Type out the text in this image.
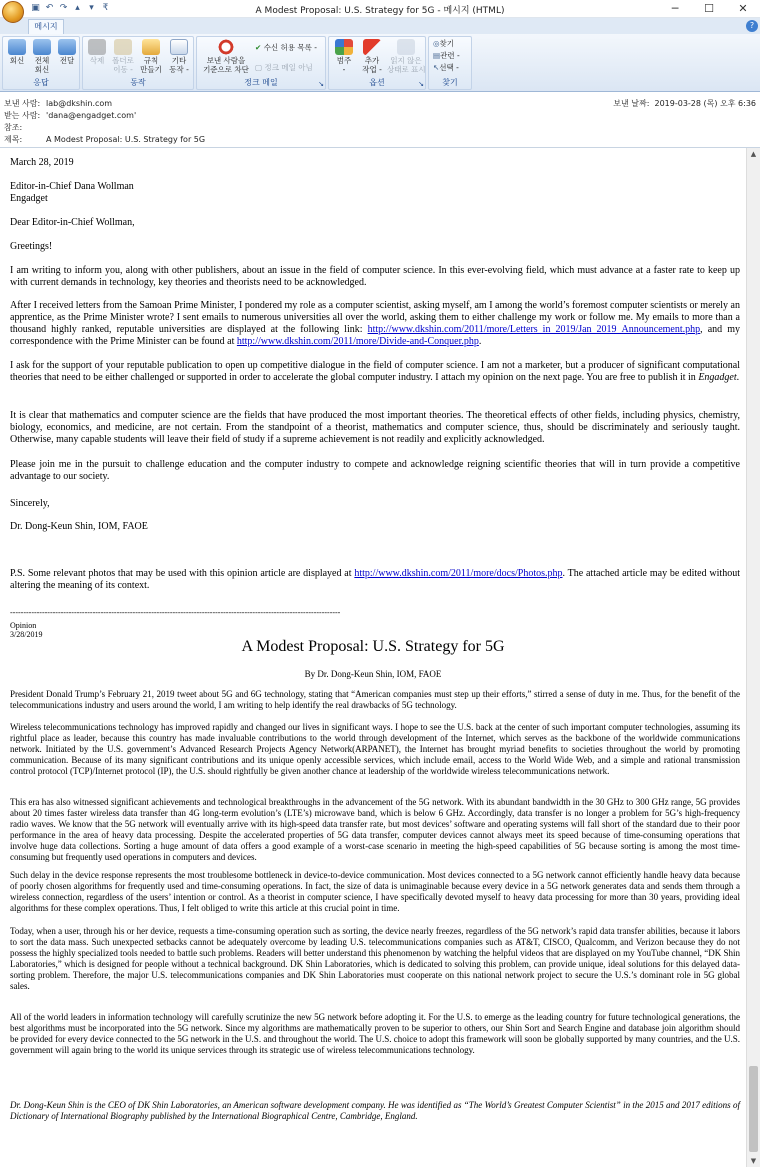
▣ ↶ ↷ ▴	▾ ₹	A Modest Proposal: U.S. Strategy for 5G - 메시지 (HTML)	─	☐	✕
메시지	?
회신	전체
회신
전달
응답
삭제	폴더로
이동 -
규칙
만들기
기타
동작 -
동작
보낸 사람을
기준으로 차단
✔ 수신 허용 목록 -
▢ 정크 메일 아님
정크 메일	↘
범주
-
추가
작업 -
읽지 않은
상태로 표시
옵션	↘
◎찾기
▤관련 -
↖선택 -
찾기
보낸 사람: lab@dkshin.com
받는 사람: 'dana@engadget.com'
참조:
제목:	A Modest Proposal: U.S. Strategy for 5G
보낸 날짜: 2019-03-28 (목) 오후 6:36
March 28, 2019
Editor-in-Chief Dana Wollman
Engadget
Dear Editor-in-Chief Wollman,
Greetings!
I am writing to inform you, along with other publishers, about an issue in the field of computer science. In this ever-evolving field, which must advance at a faster rate to keep up with current demands in technology, key theories and theorists need to be acknowledged.
After I received letters from the Samoan Prime Minister, I pondered my role as a computer scientist, asking myself, am I among the world’s foremost computer scientists or merely an apprentice, as the Prime Minister wrote? I sent emails to numerous universities all over the world, asking them to either challenge my work or follow me. My emails to more than a thousand highly ranked, reputable universities are displayed at the following link: http://www.dkshin.com/2011/more/Letters_in_2019/Jan_2019_Announcement.php, and my correspondence with the Prime Minister can be found at http://www.dkshin.com/2011/more/Divide-and-Conquer.php.
I ask for the support of your reputable publication to open up competitive dialogue in the field of computer science. I am not a marketer, but a producer of significant computational theories that need to be either challenged or supported in order to accelerate the global computer industry. I attach my opinion on the next page. You are free to publish it in Engadget.
It is clear that mathematics and computer science are the fields that have produced the most important theories. The theoretical effects of other fields, including physics, chemistry, biology, economics, and medicine, are not certain. From the standpoint of a theorist, mathematics and computer science, thus, should be discriminately and seriously taught. Otherwise, many capable students will leave their field of study if a supreme achievement is not readily and explicitly acknowledged.
Please join me in the pursuit to challenge education and the computer industry to compete and acknowledge reigning scientific theories that will in turn provide a competitive advantage to our society.
Sincerely,
Dr. Dong-Keun Shin, IOM, FAOE
P.S. Some relevant photos that may be used with this opinion article are displayed at http://www.dkshin.com/2011/more/docs/Photos.php. The attached article may be edited without altering the meaning of its context.
----------------------------------------------------------------------------------------------------------------------------
Opinion
3/28/2019
A Modest Proposal: U.S. Strategy for 5G
By Dr. Dong-Keun Shin, IOM, FAOE
President Donald Trump’s February 21, 2019 tweet about 5G and 6G technology, stating that “American companies must step up their efforts,” stirred a sense of duty in me. Thus, for the benefit of the telecommunications industry and users around the world, I am writing to help identify the real drawbacks of 5G technology.
Wireless telecommunications technology has improved rapidly and changed our lives in significant ways. I hope to see the U.S. back at the center of such important computer technologies, assuming its rightful place as leader, because this country has made invaluable contributions to the world through development of the Internet, which serves as the backbone of the worldwide communications network. Initiated by the U.S. government’s Advanced Research Projects Agency Network(ARPANET), the Internet has brought myriad benefits to societies throughout the world by promoting communication. Because of its many significant contributions and its unique openly accessible services, which include email, access to the World Wide Web, and a simple and rational transmission control protocol (TCP)/Internet protocol (IP), the U.S. should rightfully be given another chance at leadership of the worldwide wireless telecommunications network.
This era has also witnessed significant achievements and technological breakthroughs in the advancement of the 5G network. With its abundant bandwidth in the 30 GHz to 300 GHz range, 5G provides about 20 times faster wireless data transfer than 4G long-term evolution’s (LTE’s) microwave band, which is below 6 GHz. Accordingly, data transfer is no longer a problem for 5G’s high-frequency radio waves. We know that the 5G network will eventually arrive with its high-speed data transfer rate, but most devices’ software and operating systems will fall short of the standard due to their poor performance in the area of heavy data processing. Despite the accelerated properties of 5G data transfer, computer devices cannot always meet its speed because of time-consuming operations that involve huge data collections. Sorting a huge amount of data offers a good example of a worst-case scenario in meeting the high-speed capabilities of 5G because sorting is among the most time-consuming but frequently used operations in computers and devices.
Such delay in the device response represents the most troublesome bottleneck in device-to-device communication. Most devices connected to a 5G network cannot efficiently handle heavy data because of poorly chosen algorithms for frequently used and time-consuming operations. In fact, the size of data is unimaginable because every device in a 5G network generates data and sends them through a wireless connection, regardless of the users’ intention or control. As a theorist in computer science, I have specifically devoted myself to heavy data processing for more than 30 years, providing ideal algorithms for these complex operations. Thus, I felt obliged to write this article at this crucial point in time.
Today, when a user, through his or her device, requests a time-consuming operation such as sorting, the device nearly freezes, regardless of the 5G network’s rapid data transfer abilities, because it labors to sort the data mass. Such unexpected setbacks cannot be adequately overcome by leading U.S. telecommunications companies such as AT&T, CISCO, Qualcomm, and Verizon because they do not possess the highly specialized tools needed to battle such problems. Readers will better understand this phenomenon by watching the helpful videos that are displayed on my YouTube channel, “DK Shin Laboratories,” which is designed for people without a technical background. DK Shin Laboratories, which is dedicated to solving this problem, can provide unique, ideal solutions for this delayed data-sorting problem. Therefore, the major U.S. telecommunications companies and DK Shin Laboratories must cooperate on this national network project to secure the U.S.’s dominant role in 5G global sales.
All of the world leaders in information technology will carefully scrutinize the new 5G network before adopting it. For the U.S. to emerge as the leading country for future technological generations, the best algorithms must be incorporated into the 5G network. Since my algorithms are mathematically proven to be superior to others, our Shin Sort and Search Engine and database join algorithm should be provided for every device connected to the 5G network in the U.S. and throughout the world. The U.S. choice to adopt this framework will soon be globally supported by many countries, and the U.S. government will again bring to the world its unique services through its strategic use of wireless telecommunications technology.
Dr. Dong-Keun Shin is the CEO of DK Shin Laboratories, an American software development company. He was identified as “The World’s Greatest Computer Scientist” in the 2015 and 2017 editions of Dictionary of International Biography published by the International Biographical Centre, Cambridge, England.
▲
▼
